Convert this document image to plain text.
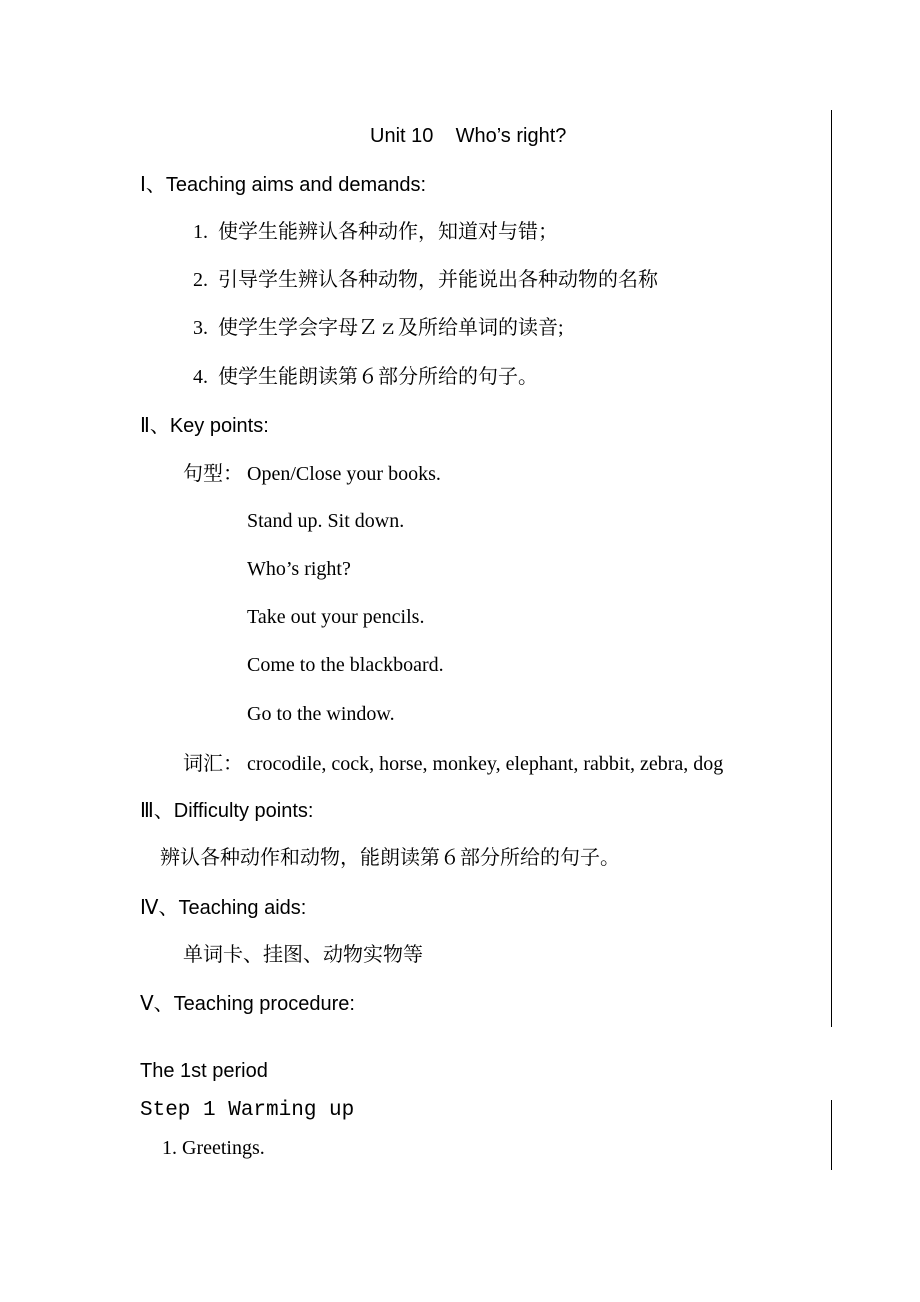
Unit 10    Who’s right?
Ⅰ、Teaching aims and demands:
1.  使学生能辨认各种动作，知道对与错；
2.  引导学生辨认各种动物，并能说出各种动物的名称
3.  使学生学会字母Ｚｚ及所给单词的读音;
4.  使学生能朗读第６部分所给的句子。
Ⅱ、Key points:
句型： Open/Close your books.
Stand up. Sit down.
Who’s right?
Take out your pencils.
Come to the blackboard.
Go to the window.
词汇： crocodile, cock, horse, monkey, elephant, rabbit, zebra, dog
Ⅲ、Difficulty points:
辨认各种动作和动物，能朗读第６部分所给的句子。
Ⅳ、Teaching aids:
单词卡、挂图、动物实物等
Ⅴ、Teaching procedure:
The 1st period
Step 1 Warming up
1. Greetings.
